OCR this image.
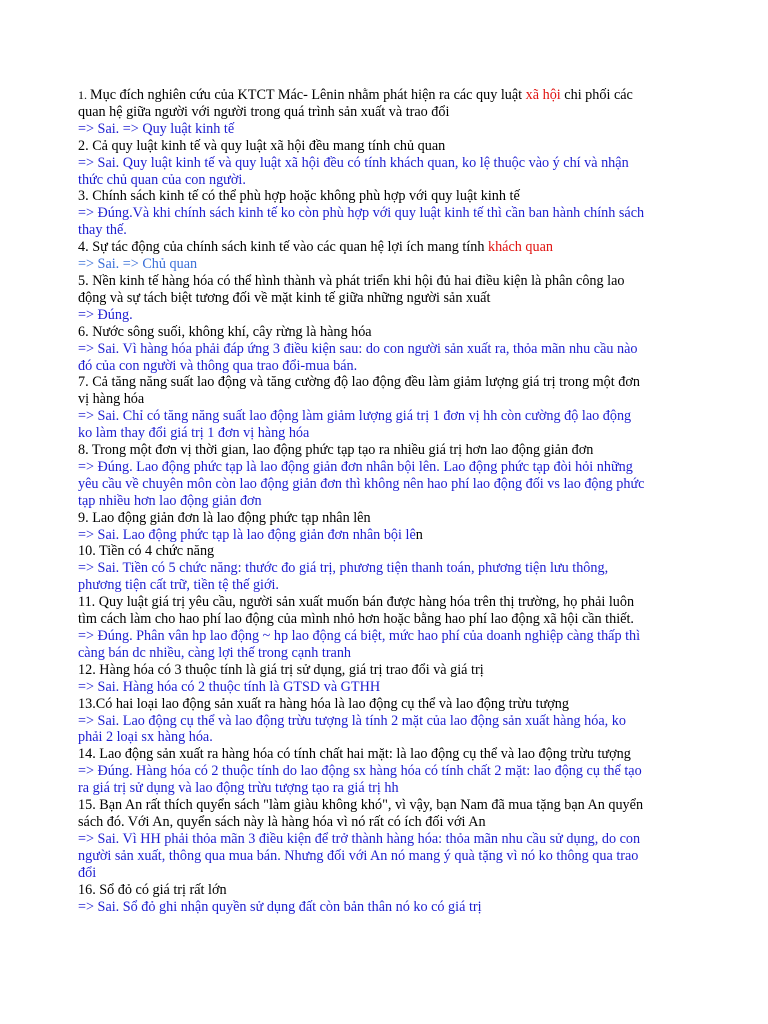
1. Mục đích nghiên cứu của KTCT Mác- Lênin nhằm phát hiện ra các quy luật xã hội chi phối các
quan hệ giữa người với người trong quá trình sản xuất và trao đổi
=> Sai. => Quy luật kinh tế
2. Cả quy luật kinh tế và quy luật xã hội đều mang tính chủ quan
=> Sai. Quy luật kinh tế và quy luật xã hội đều có tính khách quan, ko lệ thuộc vào ý chí và nhận
thức chủ quan của con người.
3. Chính sách kinh tế có thể phù hợp hoặc không phù hợp với quy luật kinh tế
=> Đúng.Và khi chính sách kinh tế ko còn phù hợp với quy luật kinh tế thì cần ban hành chính sách
thay thế.
4. Sự tác động của chính sách kinh tế vào các quan hệ lợi ích mang tính khách quan
=> Sai. => Chủ quan
5. Nền kinh tế hàng hóa có thể hình thành và phát triển khi hội đủ hai điều kiện là phân công lao
động và sự tách biệt tương đối về mặt kinh tế giữa những người sản xuất
=> Đúng.
6. Nước sông suối, không khí, cây rừng là hàng hóa
=> Sai. Vì hàng hóa phải đáp ứng 3 điều kiện sau: do con người sản xuất ra, thỏa mãn nhu cầu nào
đó của con người và thông qua trao đổi-mua bán.
7. Cả tăng năng suất lao động và tăng cường độ lao động đều làm giảm lượng giá trị trong một đơn
vị hàng hóa
=> Sai. Chỉ có tăng năng suất lao động làm giảm lượng giá trị 1 đơn vị hh còn cường độ lao động
ko làm thay đổi giá trị 1 đơn vị hàng hóa
8. Trong một đơn vị thời gian, lao động phức tạp tạo ra nhiều giá trị hơn lao động giản đơn
=> Đúng. Lao động phức tạp là lao động giản đơn nhân bội lên. Lao động phức tạp đòi hỏi những
yêu cầu về chuyên môn còn lao động giản đơn thì không nên hao phí lao động đối vs lao động phức
tạp nhiều hơn lao động giản đơn
9. Lao động giản đơn là lao động phức tạp nhân lên
=> Sai. Lao động phức tạp là lao động giản đơn nhân bội lên
10. Tiền có 4 chức năng
=> Sai. Tiền có 5 chức năng: thước đo giá trị, phương tiện thanh toán, phương tiện lưu thông,
phương tiện cất trữ, tiền tệ thế giới.
11. Quy luật giá trị yêu cầu, người sản xuất muốn bán được hàng hóa trên thị trường, họ phải luôn
tìm cách làm cho hao phí lao động của mình nhỏ hơn hoặc bằng hao phí lao động xã hội cần thiết.
=> Đúng. Phân vân hp lao động ~ hp lao động cá biệt, mức hao phí của doanh nghiệp càng thấp thì
càng bán dc nhiều, càng lợi thế trong cạnh tranh
12. Hàng hóa có 3 thuộc tính là giá trị sử dụng, giá trị trao đổi và giá trị
=> Sai. Hàng hóa có 2 thuộc tính là GTSD và GTHH
13.Có hai loại lao động sản xuất ra hàng hóa là lao động cụ thể và lao động trừu tượng
=> Sai. Lao động cụ thể và lao động trừu tượng là tính 2 mặt của lao động sản xuất hàng hóa, ko
phải 2 loại sx hàng hóa.
14. Lao động sản xuất ra hàng hóa có tính chất hai mặt: là lao động cụ thể và lao động trừu tượng
=> Đúng. Hàng hóa có 2 thuộc tính do lao động sx hàng hóa có tính chất 2 mặt: lao động cụ thể tạo
ra giá trị sử dụng và lao động trừu tượng tạo ra giá trị hh
15. Bạn An rất thích quyển sách "làm giàu không khó", vì vậy, bạn Nam đã mua tặng bạn An quyển
sách đó. Với An, quyển sách này là hàng hóa vì nó rất có ích đối với An
=> Sai. Vì HH phải thỏa mãn 3 điều kiện để trở thành hàng hóa: thỏa mãn nhu cầu sử dụng, do con
người sản xuất, thông qua mua bán. Nhưng đối với An nó mang ý quà tặng vì nó ko thông qua trao
đổi
16. Sổ đỏ có giá trị rất lớn
=> Sai. Sổ đỏ ghi nhận quyền sử dụng đất còn bản thân nó ko có giá trị
